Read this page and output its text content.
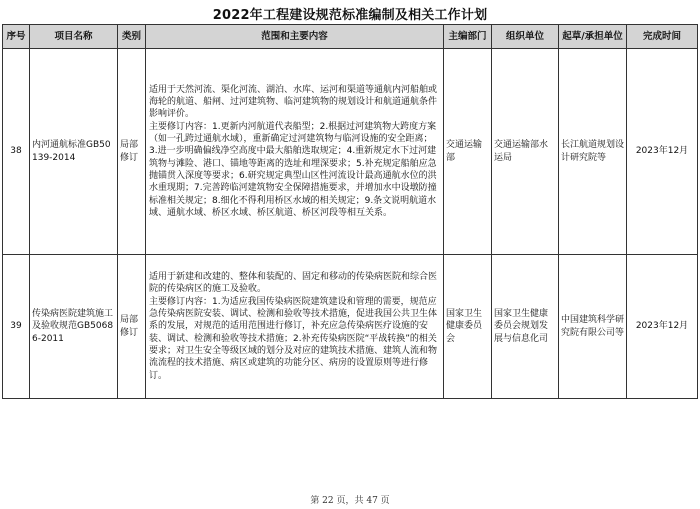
2022年工程建设规范标准编制及相关工作计划
序号	项目名称	类别	范围和主要内容	主编部门	组织单位	起草/承担单位	完成时间
38	内河通航标准GB50139-2014	局部修订	适用于天然河流、渠化河流、湖泊、水库、运河和渠道等通航内河船舶或海轮的航道、船闸、过河建筑物、临河建筑物的规划设计和航道通航条件影响评价。

主要修订内容：1.更新内河航道代表船型；2.根据过河建筑物大跨度方案（如一孔跨过通航水域），重新确定过河建筑物与临河设施的安全距离；3.进一步明确偏线净空高度中最大船舶选取规定；4.重新规定水下过河建筑物与滩险、港口、锚地等距离的选址和埋深要求；5.补充规定船舶应急抛锚贯入深度等要求；6.研究规定典型山区性河流设计最高通航水位的洪水重现期；7.完善跨临河建筑物安全保障措施要求，并增加水中设墩防撞标准相关规定；8.细化不得利用桥区水域的相关规定；9.条文说明航道水域、通航水域、桥区水域、桥区航道、桥区河段等相互关系。	交通运输部	交通运输部水运局	长江航道规划设计研究院等	2023年12月
39	传染病医院建筑施工及验收规范GB50686-2011	局部修订	适用于新建和改建的、整体和装配的、固定和移动的传染病医院和综合医院的传染病区的施工及验收。

主要修订内容：1.为适应我国传染病医院建筑建设和管理的需要，规范应急传染病医院安装、调试、检测和验收等技术措施，促进我国公共卫生体系的发展，对规范的适用范围进行修订，补充应急传染病医疗设施的安装、调试、检测和验收等技术措施；2.补充传染病医院“平战转换”的相关要求；对卫生安全等级区域的划分及对应的建筑技术措施、建筑人流和物流流程的技术措施、病区或建筑的功能分区、病房的设置原则等进行修订。	国家卫生健康委员会	国家卫生健康委员会规划发展与信息化司	中国建筑科学研究院有限公司等	2023年12月
第 22 页，共 47 页
